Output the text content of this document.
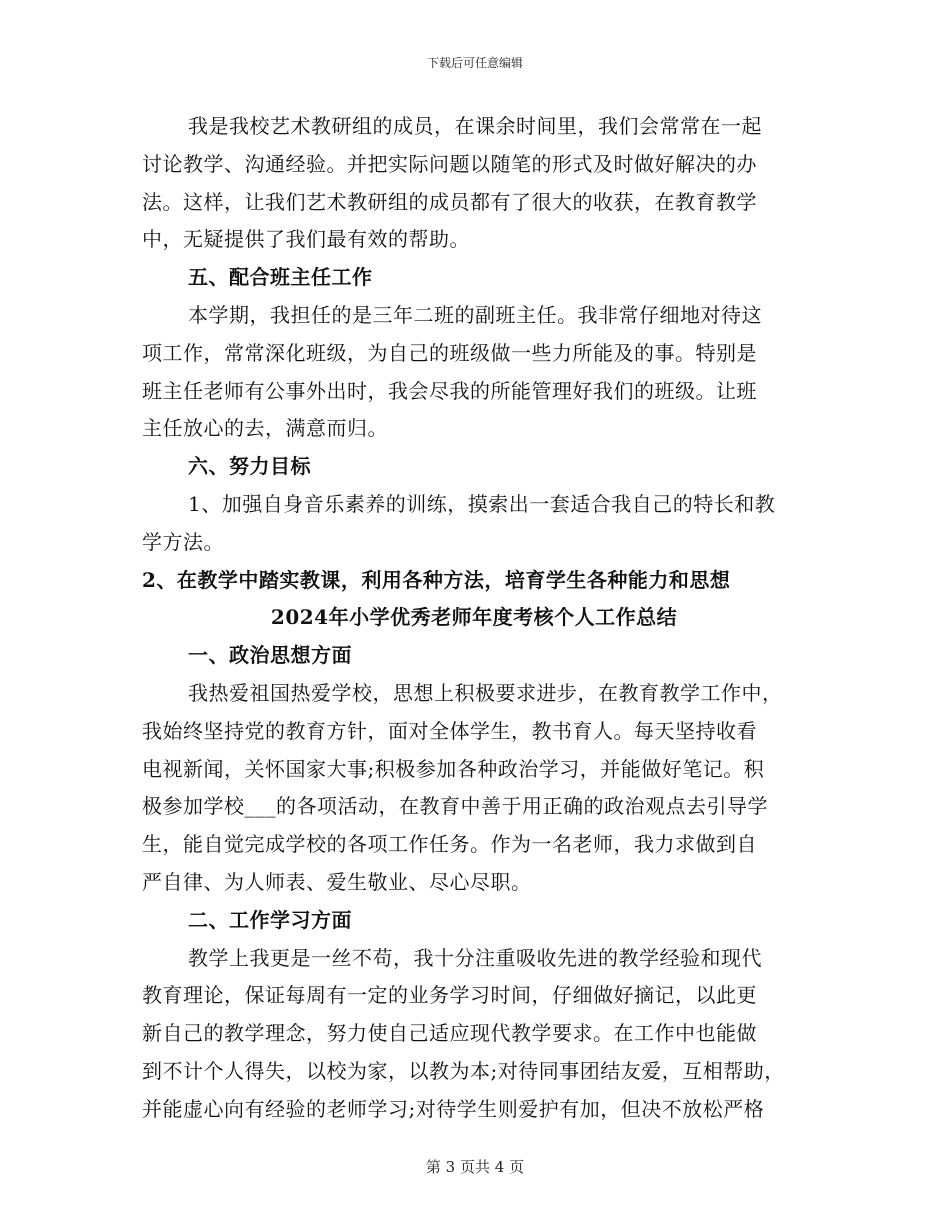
下载后可任意编辑
我是我校艺术教研组的成员，在课余时间里，我们会常常在一起
讨论教学、沟通经验。并把实际问题以随笔的形式及时做好解决的办
法。这样，让我们艺术教研组的成员都有了很大的收获，在教育教学
中，无疑提供了我们最有效的帮助。
五、配合班主任工作
本学期，我担任的是三年二班的副班主任。我非常仔细地对待这
项工作，常常深化班级，为自己的班级做一些力所能及的事。特别是
班主任老师有公事外出时，我会尽我的所能管理好我们的班级。让班
主任放心的去，满意而归。
六、努力目标
1、加强自身音乐素养的训练，摸索出一套适合我自己的特长和教
学方法。
2、在教学中踏实教课，利用各种方法，培育学生各种能力和思想
2024年小学优秀老师年度考核个人工作总结
一、政治思想方面
我热爱祖国热爱学校，思想上积极要求进步，在教育教学工作中，
我始终坚持党的教育方针，面对全体学生，教书育人。每天坚持收看
电视新闻，关怀国家大事;积极参加各种政治学习，并能做好笔记。积
极参加学校___的各项活动，在教育中善于用正确的政治观点去引导学
生，能自觉完成学校的各项工作任务。作为一名老师，我力求做到自
严自律、为人师表、爱生敬业、尽心尽职。
二、工作学习方面
教学上我更是一丝不苟，我十分注重吸收先进的教学经验和现代
教育理论，保证每周有一定的业务学习时间，仔细做好摘记，以此更
新自己的教学理念，努力使自己适应现代教学要求。在工作中也能做
到不计个人得失，以校为家，以教为本;对待同事团结友爱，互相帮助，
并能虚心向有经验的老师学习;对待学生则爱护有加，但决不放松严格
第 3 页共 4 页
